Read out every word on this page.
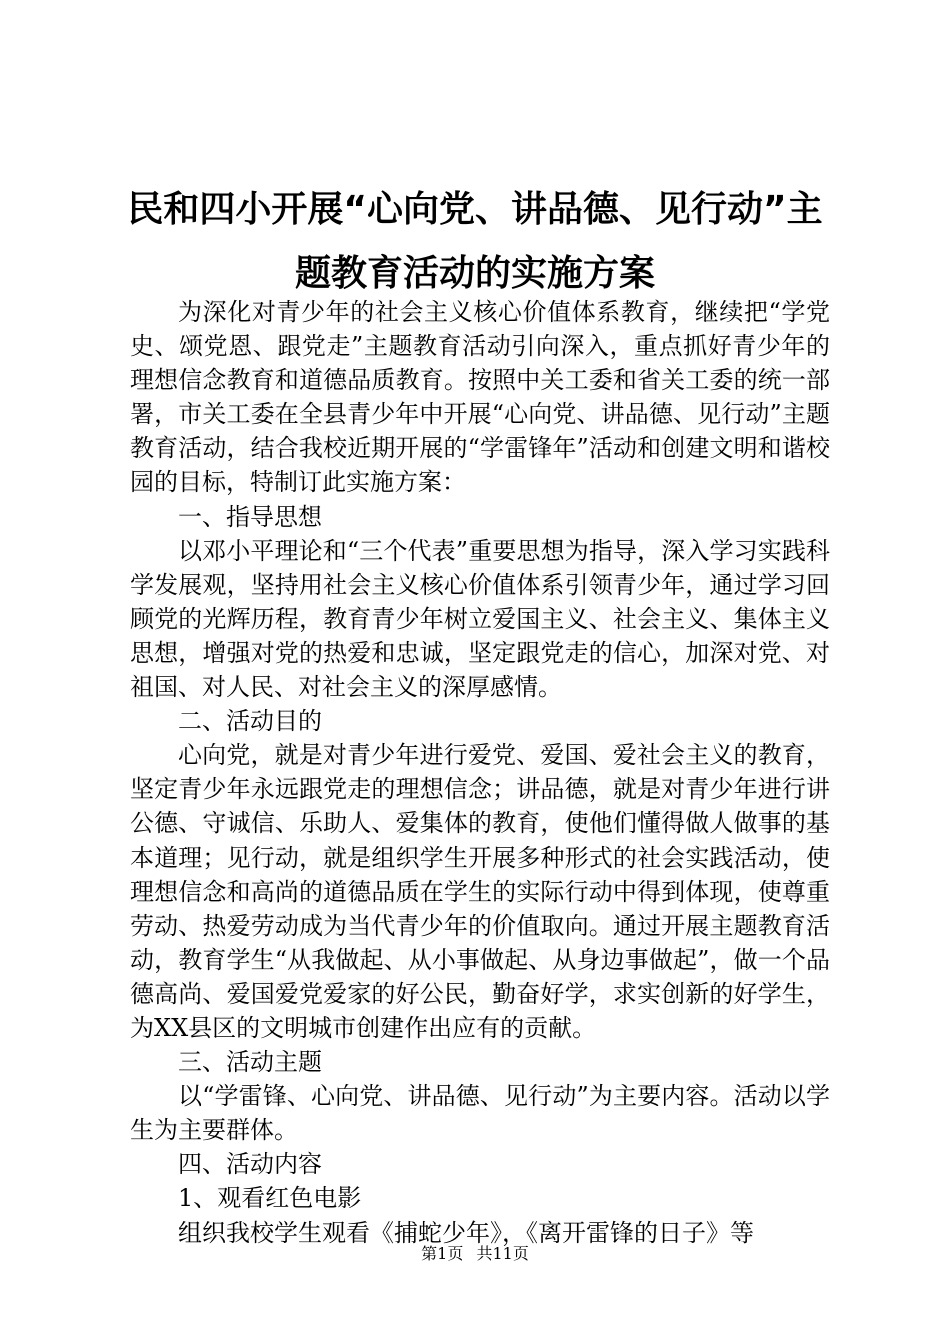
民和四小开展“心向党、讲品德、见行动”主题教育活动的实施方案

为深化对青少年的社会主义核心价值体系教育，继续把“学党史、颂党恩、跟党走”主题教育活动引向深入，重点抓好青少年的理想信念教育和道德品质教育。按照中关工委和省关工委的统一部署，市关工委在全县青少年中开展“心向党、讲品德、见行动”主题教育活动，结合我校近期开展的“学雷锋年”活动和创建文明和谐校园的目标，特制订此实施方案：

一、指导思想

以邓小平理论和“三个代表”重要思想为指导，深入学习实践科学发展观，坚持用社会主义核心价值体系引领青少年，通过学习回顾党的光辉历程，教育青少年树立爱国主义、社会主义、集体主义思想，增强对党的热爱和忠诚，坚定跟党走的信心，加深对党、对祖国、对人民、对社会主义的深厚感情。

二、活动目的

心向党，就是对青少年进行爱党、爱国、爱社会主义的教育，坚定青少年永远跟党走的理想信念；讲品德，就是对青少年进行讲公德、守诚信、乐助人、爱集体的教育，使他们懂得做人做事的基本道理；见行动，就是组织学生开展多种形式的社会实践活动，使理想信念和高尚的道德品质在学生的实际行动中得到体现，使尊重劳动、热爱劳动成为当代青少年的价值取向。通过开展主题教育活动，教育学生“从我做起、从小事做起、从身边事做起”，做一个品德高尚、爱国爱党爱家的好公民，勤奋好学，求实创新的好学生，为XX县区的文明城市创建作出应有的贡献。

三、活动主题

以“学雷锋、心向党、讲品德、见行动”为主要内容。活动以学生为主要群体。

四、活动内容

1、观看红色电影

组织我校学生观看《捕蛇少年》，《离开雷锋的日子》等

第1页 共11页
